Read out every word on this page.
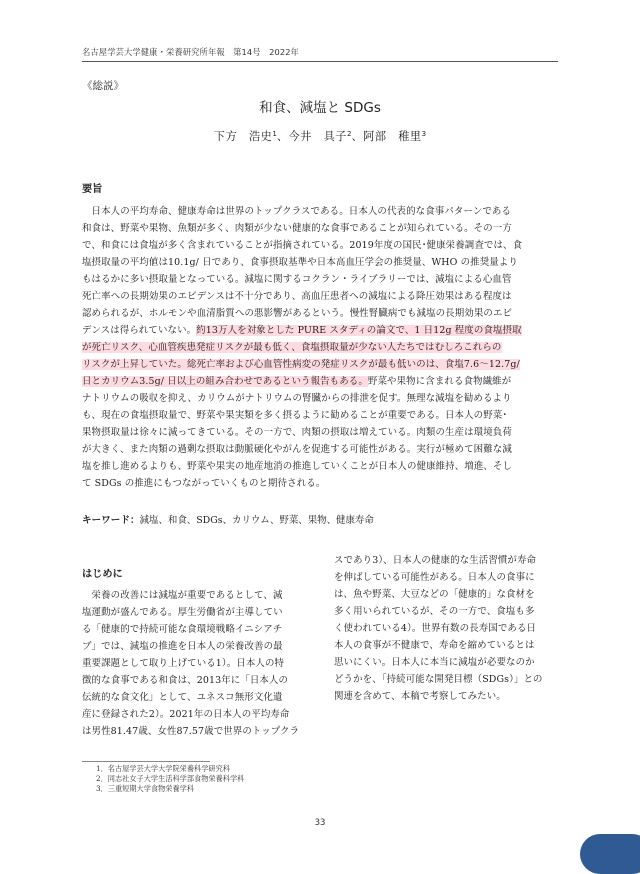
名古屋学芸大学健康・栄養研究所年報　第14号　2022年
《総説》
和食、減塩と SDGs
下方　浩史$^1$、今井　具子$^2$、阿部　稚里$^3$
要旨
　日本人の平均寿命、健康寿命は世界のトップクラスである。日本人の代表的な食事パターンである
和食は、野菜や果物、魚類が多く、肉類が少ない健康的な食事であることが知られている。その一方
で、和食には食塩が多く含まれていることが指摘されている。2019年度の国民･健康栄養調査では、食
塩摂取量の平均値は10.1g/ 日であり、食事摂取基準や日本高血圧学会の推奨量、WHO の推奨量より
もはるかに多い摂取量となっている。減塩に関するコクラン・ライブラリーでは、減塩による心血管
死亡率への長期効果のエビデンスは不十分であり、高血圧患者への減塩による降圧効果はある程度は
認められるが、ホルモンや血清脂質への悪影響があるという。慢性腎臓病でも減塩の長期効果のエビ
デンスは得られていない。約13万人を対象とした PURE スタディの論文で、1 日12g 程度の食塩摂取
が死亡リスク、心血管疾患発症リスクが最も低く、食塩摂取量が少ない人たちではむしろこれらの
リスクが上昇していた。総死亡率および心血管性病変の発症リスクが最も低いのは、食塩7.6～12.7g/
日とカリウム3.5g/ 日以上の組み合わせであるという報告もある。野菜や果物に含まれる食物繊維が
ナトリウムの吸収を抑え、カリウムがナトリウムの腎臓からの排泄を促す。無理な減塩を勧めるより
も、現在の食塩摂取量で、野菜や果実類を多く摂るように勧めることが重要である。日本人の野菜･
果物摂取量は徐々に減ってきている。その一方で、肉類の摂取は増えている。肉類の生産は環境負荷
が大きく、また肉類の過剰な摂取は動脈硬化やがんを促進する可能性がある。実行が極めて困難な減
塩を推し進めるよりも、野菜や果実の地産地消の推進していくことが日本人の健康維持、増進、そし
て SDGs の推進にもつながっていくものと期待される。
キーワード：減塩、和食、SDGs、カリウム、野菜、果物、健康寿命
はじめに
　栄養の改善には減塩が重要であるとして、減
塩運動が盛んである。厚生労働省が主導してい
る「健康的で持続可能な食環境戦略イニシアチ
ブ」では、減塩の推進を日本人の栄養改善の最
重要課題として取り上げている1）。日本人の特
徴的な食事である和食は、2013年に「日本人の
伝統的な食文化」として、ユネスコ無形文化遺
産に登録された2）。2021年の日本人の平均寿命
は男性81.47歳、女性87.57歳で世界のトップクラ
スであり3）、日本人の健康的な生活習慣が寿命
を伸ばしている可能性がある。日本人の食事に
は、魚や野菜、大豆などの「健康的」な食材を
多く用いられているが、その一方で、食塩も多
く使われている4）。世界有数の長寿国である日
本人の食事が不健康で、寿命を縮めているとは
思いにくい。日本人に本当に減塩が必要なのか
どうかを、「持続可能な開発目標（SDGs）」との
関連を含めて、本稿で考察してみたい。
1．名古屋学芸大学大学院栄養科学研究科
2．同志社女子大学生活科学部食物栄養科学科
3．三重短期大学食物栄養学科
33
